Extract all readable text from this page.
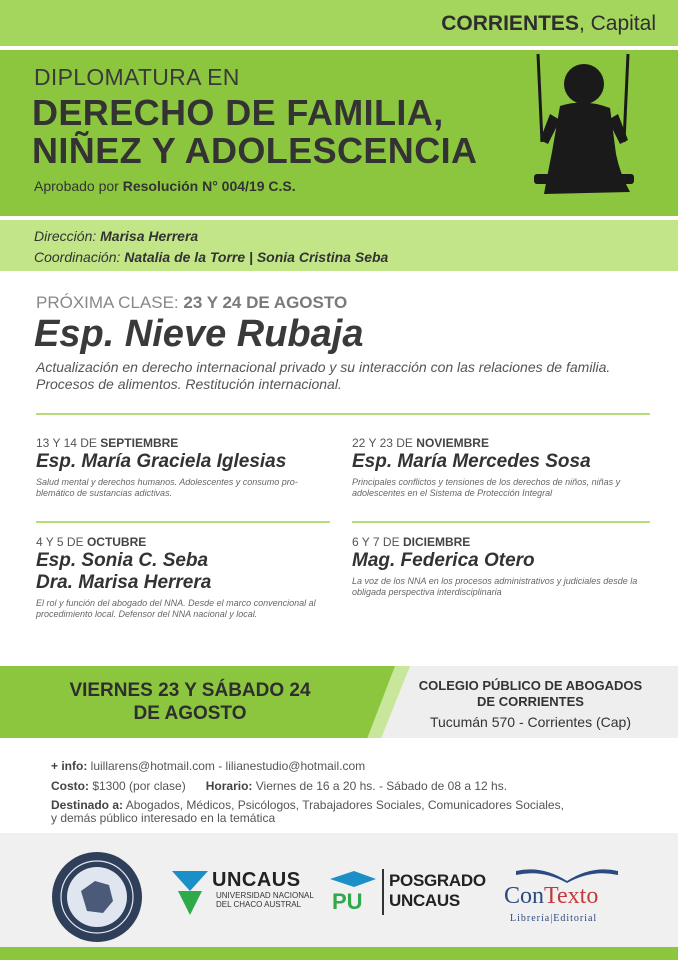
CORRIENTES, Capital
DIPLOMATURA EN
DERECHO DE FAMILIA,
NIÑEZ Y ADOLESCENCIA
Aprobado por Resolución N° 004/19 C.S.
Dirección: Marisa Herrera
Coordinación: Natalia de la Torre | Sonia Cristina Seba
PRÓXIMA CLASE: 23 Y 24 DE AGOSTO
Esp. Nieve Rubaja
Actualización en derecho internacional privado y su interacción con las relaciones de familia. Procesos de alimentos. Restitución internacional.
13 Y 14 DE SEPTIEMBRE
Esp. María Graciela Iglesias
Salud mental y derechos humanos. Adolescentes y consumo pro-blemático de sustancias adictivas.
22 Y 23 DE NOVIEMBRE
Esp. María Mercedes Sosa
Principales conflictos y tensiones de los derechos de niños, niñas y adolescentes en el Sistema de Protección Integral
4 Y 5 DE OCTUBRE
Esp. Sonia C. Seba
Dra. Marisa Herrera
El rol y función del abogado del NNA. Desde el marco convencional al procedimiento local. Defensor del NNA nacional y local.
6 Y 7 DE DICIEMBRE
Mag. Federica Otero
La voz de los NNA en los procesos administrativos y judiciales desde la obligada perspectiva interdisciplinaria
VIERNES 23 Y SÁBADO 24
DE AGOSTO
COLEGIO PÚBLICO DE ABOGADOS
DE CORRIENTES
Tucumán 570 - Corrientes (Cap)
+ info: luillarens@hotmail.com - lilianestudio@hotmail.com
Costo: $1300 (por clase) Horario: Viernes de 16 a 20 hs. - Sábado de 08 a 12 hs.
Destinado a: Abogados, Médicos, Psicólogos, Trabajadores Sociales, Comunicadores Sociales,
y demás público interesado en la temática
UNCAUS
UNIVERSIDAD NACIONAL DEL CHACO AUSTRAL	PU
POSGRADO
UNCAUS ConTexto
Librería|Editorial
